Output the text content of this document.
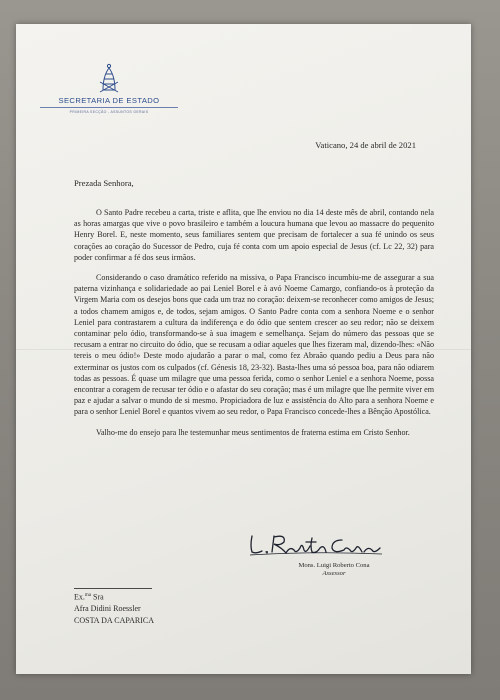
SECRETARIA DE ESTADO
PRIMEIRA SECÇÃO - ASSUNTOS GERAIS
Vaticano, 24 de abril de 2021
Prezada Senhora,

O Santo Padre recebeu a carta, triste e aflita, que lhe enviou no dia 14 deste mês de abril, contando nela as horas amargas que vive o povo brasileiro e também a loucura humana que levou ao massacre do pequenito Henry Borel. E, neste momento, seus familiares sentem que precisam de fortalecer a sua fé unindo os seus corações ao coração do Sucessor de Pedro, cuja fé conta com um apoio especial de Jesus (cf. Lc 22, 32) para poder confirmar a fé dos seus irmãos.

Considerando o caso dramático referido na missiva, o Papa Francisco incumbiu-me de assegurar a sua paterna vizinhança e solidariedade ao pai Leniel Borel e à avó Noeme Camargo, confiando-os à proteção da Virgem Maria com os desejos bons que cada um traz no coração: deixem-se reconhecer como amigos de Jesus; a todos chamem amigos e, de todos, sejam amigos. O Santo Padre conta com a senhora Noeme e o senhor Leniel para contrastarem a cultura da indiferença e do ódio que sentem crescer ao seu redor; não se deixem contaminar pelo ódio, transformando-se à sua imagem e semelhança. Sejam do número das pessoas que se recusam a entrar no circuito do ódio, que se recusam a odiar aqueles que lhes fizeram mal, dizendo-lhes: «Não tereis o meu ódio!» Deste modo ajudarão a parar o mal, como fez Abraão quando pediu a Deus para não exterminar os justos com os culpados (cf. Génesis 18, 23-32). Basta-lhes uma só pessoa boa, para não odiarem todas as pessoas. É quase um milagre que uma pessoa ferida, como o senhor Leniel e a senhora Noeme, possa encontrar a coragem de recusar ter ódio e o afastar do seu coração; mas é um milagre que lhe permite viver em paz e ajudar a salvar o mundo de si mesmo. Propiciadora de luz e assistência do Alto para a senhora Noeme e para o senhor Leniel Borel e quantos vivem ao seu redor, o Papa Francisco concede-lhes a Bênção Apostólica.

Valho-me do ensejo para lhe testemunhar meus sentimentos de fraterna estima em Cristo Senhor.

Mons. Luigi Roberto Cona
Assessor
Ex.$^{ma}$ Sra
Afra Didini Roessler
COSTA DA CAPARICA
